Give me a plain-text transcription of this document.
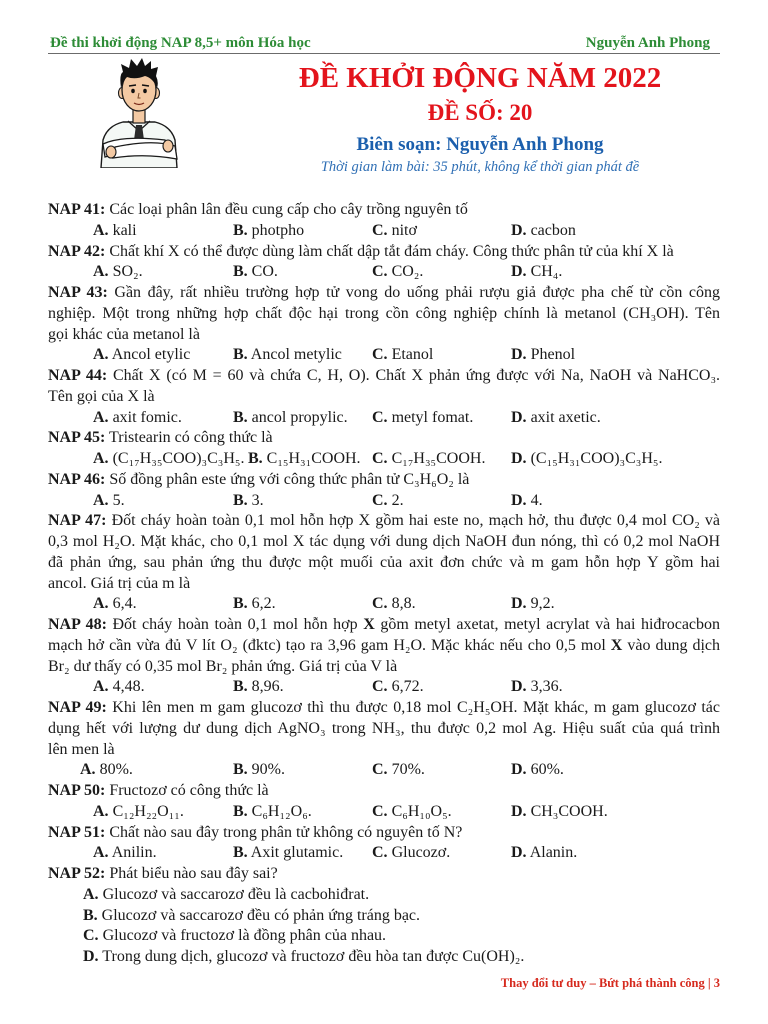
Đề thi khởi động NAP 8,5+ môn Hóa học	Nguyễn Anh Phong
ĐỀ KHỞI ĐỘNG NĂM 2022
ĐỀ SỐ: 20
Biên soạn: Nguyễn Anh Phong
Thời gian làm bài: 35 phút, không kể thời gian phát đề
NAP 41: Các loại phân lân đều cung cấp cho cây trồng nguyên tố
A. kali	B. photpho	C. nitơ	D. cacbon
NAP 42: Chất khí X có thể được dùng làm chất dập tắt đám cháy. Công thức phân tử của khí X là
A. SO₂.	B. CO.	C. CO₂.	D. CH₄.
NAP 43: Gần đây, rất nhiều trường hợp tử vong do uống phải rượu giả được pha chế từ cồn công
nghiệp. Một trong những hợp chất độc hại trong cồn công nghiệp chính là metanol (CH₃OH). Tên
gọi khác của metanol là
A. Ancol etylic	B. Ancol metylic	C. Etanol	D. Phenol
NAP 44: Chất X (có M = 60 và chứa C, H, O). Chất X phản ứng được với Na, NaOH và NaHCO₃.
Tên gọi của X là
A. axit fomic.	B. ancol propylic.	C. metyl fomat.	D. axit axetic.
NAP 45: Tristearin có công thức là
A. (C₁₇H₃₅COO)₃C₃H₅. B. C₁₅H₃₁COOH. C. C₁₇H₃₅COOH.	D. (C₁₅H₃₁COO)₃C₃H₅.
NAP 46: Số đồng phân este ứng với công thức phân tử C₃H₆O₂ là
A. 5.	B. 3.	C. 2.	D. 4.
NAP 47: Đốt cháy hoàn toàn 0,1 mol hỗn hợp X gồm hai este no, mạch hở, thu được 0,4 mol CO₂ và
0,3 mol H₂O. Mặt khác, cho 0,1 mol X tác dụng với dung dịch NaOH đun nóng, thì có 0,2 mol NaOH
đã phản ứng, sau phản ứng thu được một muối của axit đơn chức và m gam hỗn hợp Y gồm hai
ancol. Giá trị của m là
A. 6,4.	B. 6,2.	C. 8,8.	D. 9,2.
NAP 48: Đốt cháy hoàn toàn 0,1 mol hỗn hợp X gồm metyl axetat, metyl acrylat và hai hiđrocacbon
mạch hở cần vừa đủ V lít O₂ (đktc) tạo ra 3,96 gam H₂O. Mặc khác nếu cho 0,5 mol X vào dung dịch
Br₂ dư thấy có 0,35 mol Br₂ phản ứng. Giá trị của V là
A. 4,48.	B. 8,96.	C. 6,72.	D. 3,36.
NAP 49: Khi lên men m gam glucozơ thì thu được 0,18 mol C₂H₅OH. Mặt khác, m gam glucozơ tác
dụng hết với lượng dư dung dịch AgNO₃ trong NH₃, thu được 0,2 mol Ag. Hiệu suất của quá trình
lên men là
A. 80%.	B. 90%.	C. 70%.	D. 60%.
NAP 50: Fructozơ có công thức là
A. C₁₂H₂₂O₁₁.	B. C₆H₁₂O₆.	C. C₆H₁₀O₅.	D. CH₃COOH.
NAP 51: Chất nào sau đây trong phân tử không có nguyên tố N?
A. Anilin.	B. Axit glutamic.	C. Glucozơ.	D. Alanin.
NAP 52: Phát biểu nào sau đây sai?
A. Glucozơ và saccarozơ đều là cacbohiđrat.
B. Glucozơ và saccarozơ đều có phản ứng tráng bạc.
C. Glucozơ và fructozơ là đồng phân của nhau.
D. Trong dung dịch, glucozơ và fructozơ đều hòa tan được Cu(OH)₂.
Thay đổi tư duy – Bứt phá thành công | 3
